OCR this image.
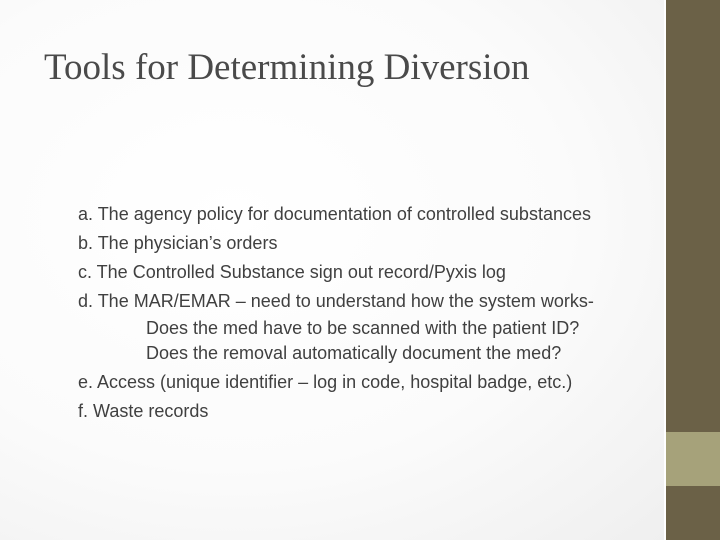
Tools for Determining Diversion
a. The agency policy for documentation of controlled substances
b. The physician’s orders
c. The Controlled Substance sign out record/Pyxis log
d. The MAR/EMAR – need to understand how the system works-
Does the med have to be scanned with the patient ID?
Does the removal automatically document the med?
e. Access (unique identifier – log in code, hospital badge, etc.)
f. Waste records
